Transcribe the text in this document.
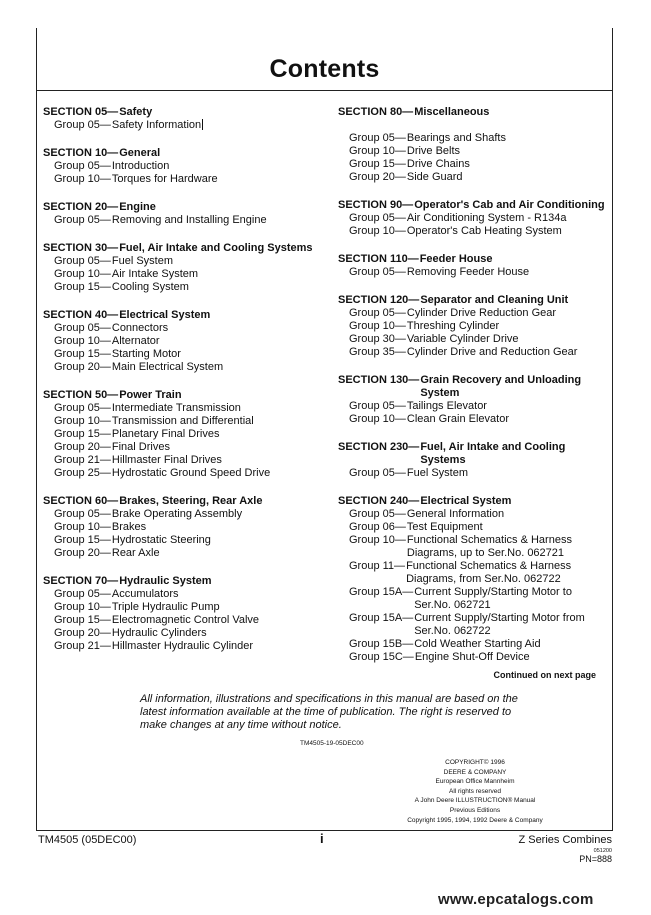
Contents
SECTION 05— Safety
Group 05— Safety Information
SECTION 10— General
Group 05— Introduction
Group 10— Torques for Hardware
SECTION 20— Engine
Group 05— Removing and Installing Engine
SECTION 30— Fuel, Air Intake and Cooling Systems
Group 05— Fuel System
Group 10— Air Intake System
Group 15— Cooling System
SECTION 40— Electrical System
Group 05— Connectors
Group 10— Alternator
Group 15— Starting Motor
Group 20— Main Electrical System
SECTION 50— Power Train
Group 05— Intermediate Transmission
Group 10— Transmission and Differential
Group 15— Planetary Final Drives
Group 20— Final Drives
Group 21— Hillmaster Final Drives
Group 25— Hydrostatic Ground Speed Drive
SECTION 60— Brakes, Steering, Rear Axle
Group 05— Brake Operating Assembly
Group 10— Brakes
Group 15— Hydrostatic Steering
Group 20— Rear Axle
SECTION 70— Hydraulic System
Group 05— Accumulators
Group 10— Triple Hydraulic Pump
Group 15— Electromagnetic Control Valve
Group 20— Hydraulic Cylinders
Group 21— Hillmaster Hydraulic Cylinder
SECTION 80— Miscellaneous
Group 05— Bearings and Shafts
Group 10— Drive Belts
Group 15— Drive Chains
Group 20— Side Guard
SECTION 90— Operator's Cab and Air Conditioning
Group 05— Air Conditioning System - R134a
Group 10— Operator's Cab Heating System
SECTION 110— Feeder House
Group 05— Removing Feeder House
SECTION 120— Separator and Cleaning Unit
Group 05— Cylinder Drive Reduction Gear
Group 10— Threshing Cylinder
Group 30— Variable Cylinder Drive
Group 35— Cylinder Drive and Reduction Gear
SECTION 130— Grain Recovery and Unloading System
Group 05— Tailings Elevator
Group 10— Clean Grain Elevator
SECTION 230— Fuel, Air Intake and Cooling Systems
Group 05— Fuel System
SECTION 240— Electrical System
Group 05— General Information
Group 06— Test Equipment
Group 10— Functional Schematics & Harness Diagrams, up to Ser.No. 062721
Group 11— Functional Schematics & Harness Diagrams, from Ser.No. 062722
Group 15A— Current Supply/Starting Motor to Ser.No. 062721
Group 15A— Current Supply/Starting Motor from Ser.No. 062722
Group 15B— Cold Weather Starting Aid
Group 15C— Engine Shut-Off Device
Continued on next page

All information, illustrations and specifications in this manual are based on the latest information available at the time of publication. The right is reserved to make changes at any time without notice.

TM4505-19-05DEC00
COPYRIGHT© 1996
DEERE & COMPANY
European Office Mannheim
All rights reserved
A John Deere ILLUSTRUCTION® Manual
Previous Editions
Copyright 1995, 1994, 1992 Deere & Company
TM4505 (05DEC00)	i	Z Series Combines
051200
PN=888
www.epcatalogs.com
